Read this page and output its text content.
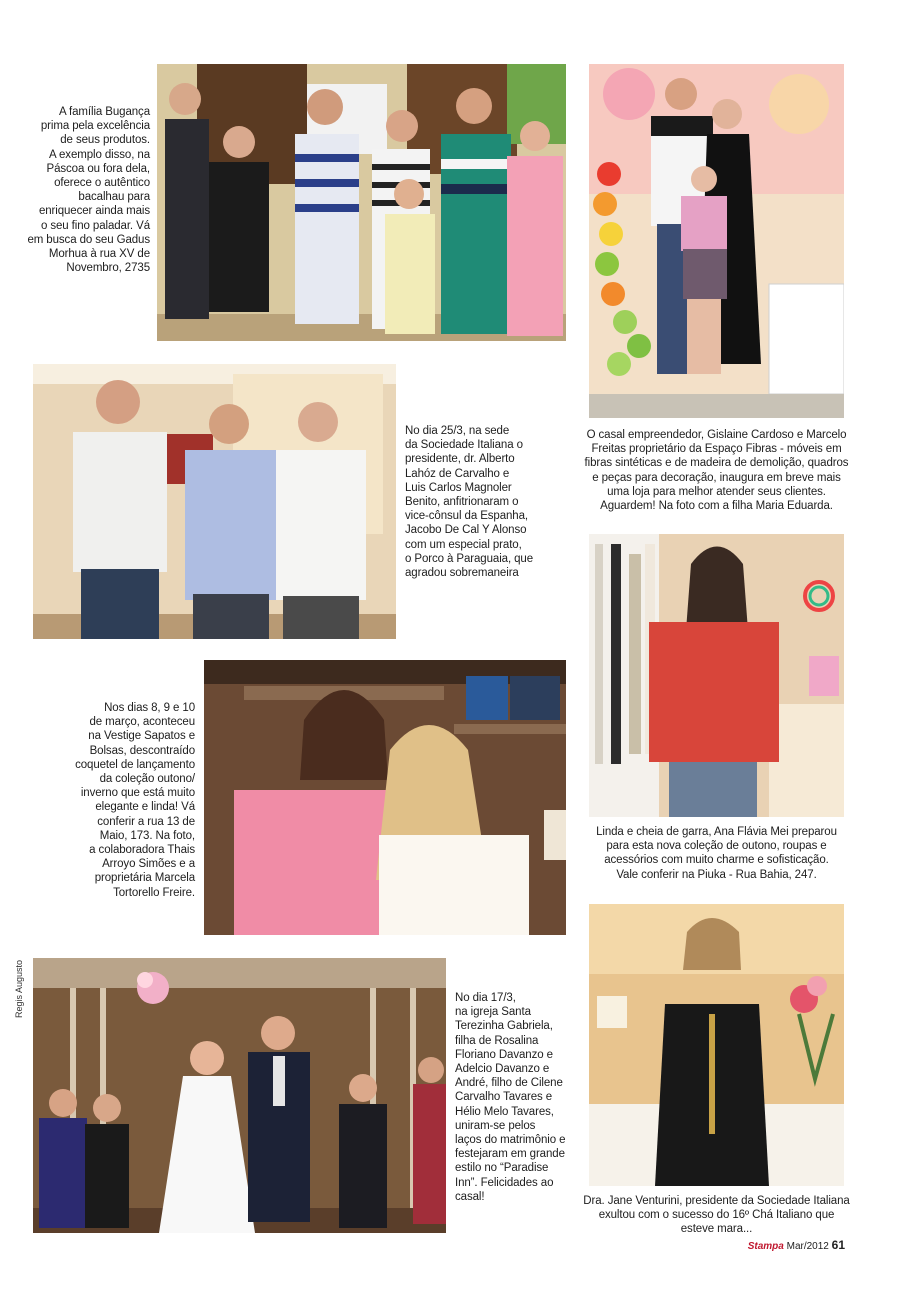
A família Bugança
prima pela excelência
de seus produtos.
A exemplo disso, na
Páscoa ou fora dela,
oferece o autêntico
bacalhau para
enriquecer ainda mais
o seu fino paladar. Vá
em busca do seu Gadus
Morhua à rua XV de
Novembro, 2735
O casal empreendedor, Gislaine Cardoso e Marcelo
Freitas proprietário da Espaço Fibras - móveis em
fibras sintéticas e de madeira de demolição, quadros
e peças para decoração, inaugura em breve mais
uma loja para melhor atender seus clientes.
Aguardem! Na foto com a filha Maria Eduarda.
No dia 25/3, na sede
da Sociedade Italiana o
presidente, dr. Alberto
Lahóz de Carvalho e
Luis Carlos Magnoler
Benito, anfitrionaram o
vice-cônsul da Espanha,
Jacobo De Cal Y Alonso
com um especial prato,
o Porco à Paraguaia, que
agradou sobremaneira
Nos dias 8, 9 e 10
de março, aconteceu
na Vestige Sapatos e
Bolsas, descontraído
coquetel de lançamento
da coleção outono/
inverno que está muito
elegante e linda! Vá
conferir a rua 13 de
Maio, 173. Na foto,
a colaboradora Thais
Arroyo Simões e a
proprietária Marcela
Tortorello Freire.
Linda e cheia de garra, Ana Flávia Mei preparou
para esta nova coleção de outono, roupas e
acessórios com muito charme e sofisticação.
Vale conferir na Piuka - Rua Bahia, 247.
No dia 17/3,
na igreja Santa
Terezinha Gabriela,
filha de Rosalina
Floriano Davanzo e
Adelcio Davanzo e
André, filho de Cilene
Carvalho Tavares e
Hélio Melo Tavares,
uniram-se pelos
laços do matrimônio e
festejaram em grande
estilo no “Paradise
Inn”. Felicidades ao
casal!	Dra. Jane Venturini, presidente da Sociedade Italiana
exultou com o sucesso do 16º Chá Italiano que
esteve mara...
Regis Augusto
Stampa Mar/2012 61
